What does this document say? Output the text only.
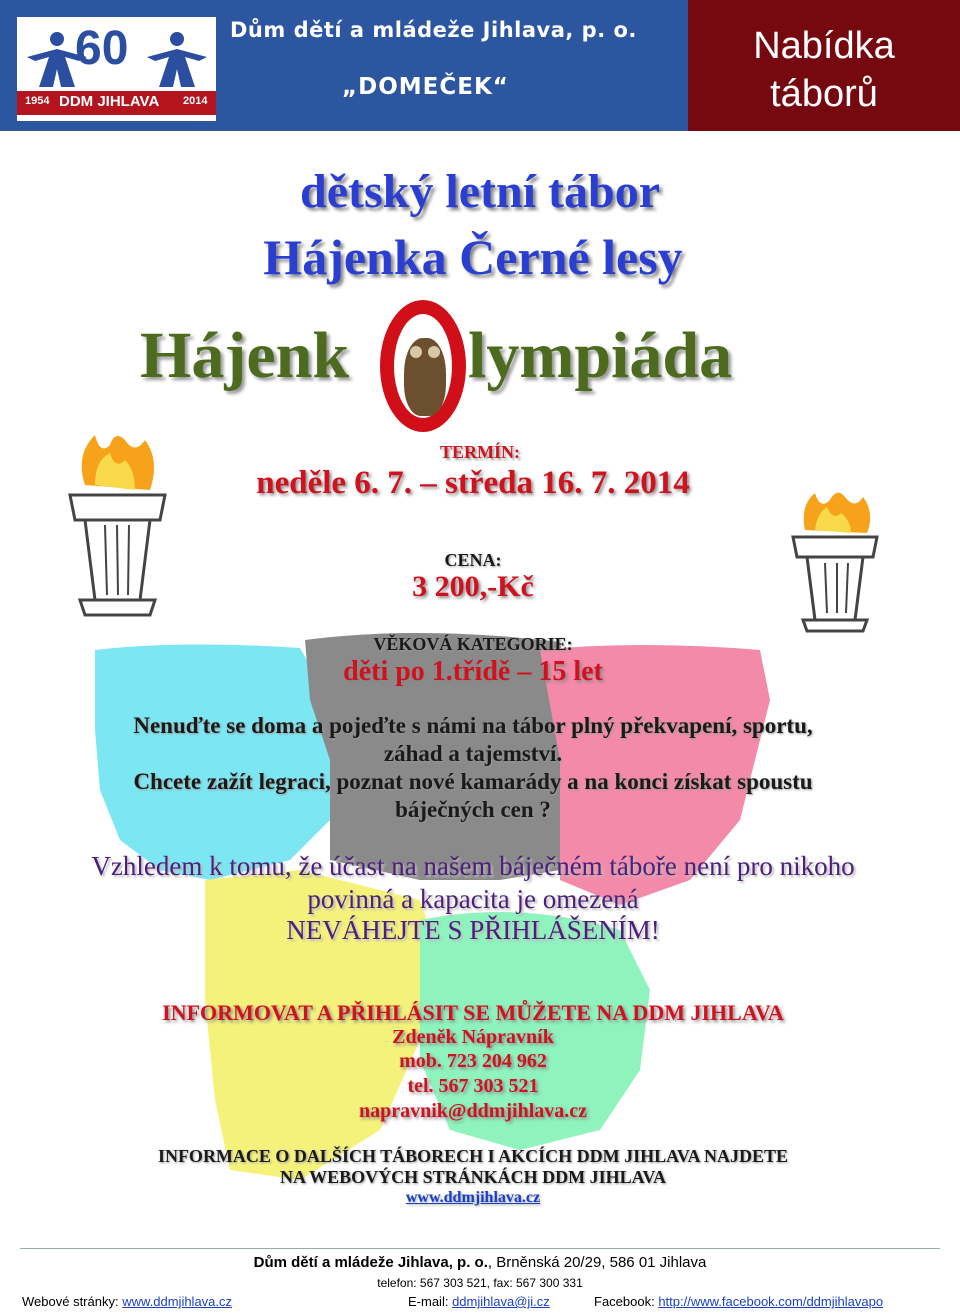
60
1954 DDM JIHLAVA 2014
Dům dětí a mládeže Jihlava, p. o.
„DOMEČEK“
Nabídka
táborů
dětský letní tábor
Hájenka Černé lesy
Hájenk lympiáda
TERMÍN:
neděle 6. 7. – středa 16. 7. 2014
CENA:
3 200,-Kč
VĚKOVÁ KATEGORIE:
děti po 1.třídě – 15 let
Nenuďte se doma a pojeďte s námi na tábor plný překvapení, sportu,
záhad a tajemství.
Chcete zažít legraci, poznat nové kamarády a na konci získat spoustu
báječných cen ?
Vzhledem k tomu, že účast na našem báječném táboře není pro nikoho
povinná a kapacita je omezená
NEVÁHEJTE S PŘIHLÁŠENÍM!
INFORMOVAT A PŘIHLÁSIT SE MŮŽETE NA DDM JIHLAVA
Zdeněk Nápravník
mob. 723 204 962
tel. 567 303 521
napravnik@ddmjihlava.cz
INFORMACE O DALŠÍCH TÁBORECH I AKCÍCH DDM JIHLAVA NAJDETE
NA WEBOVÝCH STRÁNKÁCH DDM JIHLAVA
www.ddmjihlava.cz
Dům dětí a mládeže Jihlava, p. o., Brněnská 20/29, 586 01 Jihlava
telefon: 567 303 521, fax: 567 300 331
Webové stránky: www.ddmjihlava.cz	E-mail: ddmjihlava@ji.cz	Facebook: http://www.facebook.com/ddmjihlavapo
